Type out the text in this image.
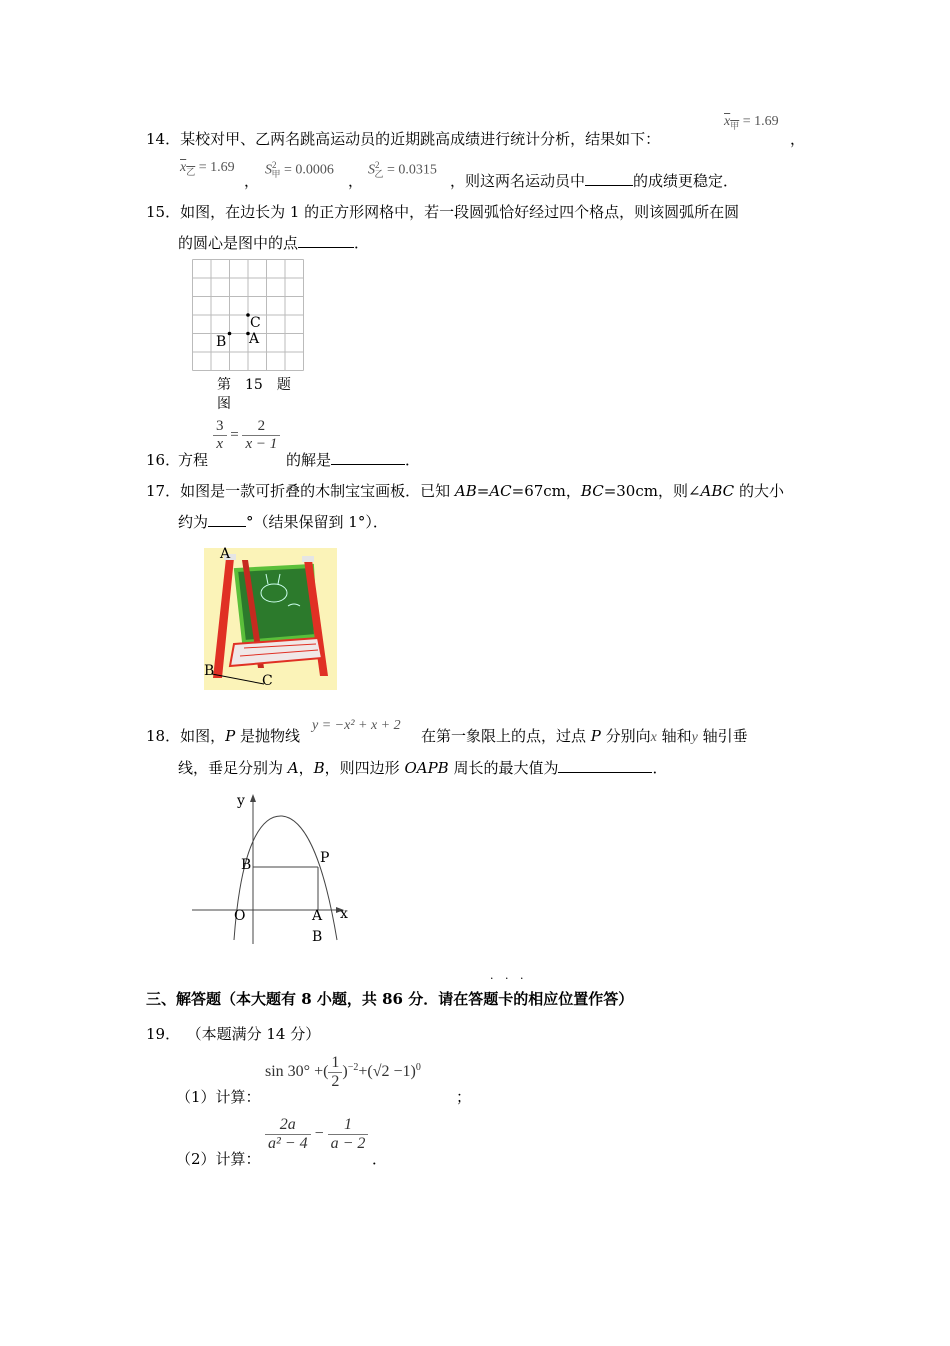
14．某校对甲、乙两名跳高运动员的近期跳高成绩进行统计分析，结果如下：
$x_甲 = 1.69$
，
$x_乙 = 1.69$
，
$S^2_甲 = 0.0006$
，
$S^2_乙 = 0.0315$
，则这两名运动员中	的成绩更稳定．
15．如图，在边长为 1 的正方形网格中，若一段圆弧恰好经过四个格点，则该圆弧所在圆
的圆心是图中的点	．
C
B A
第　15　题
图
16．
方程
$\frac{3}{x} = \frac{2}{x - 1}$
的解是	．
17．如图是一款可折叠的木制宝宝画板．已知 AB=AC=67cm，BC=30cm，则∠ABC 的大小
约为	°（结果保留到 1°）．
A
B
C
18．如图，P 是抛物线
y = −x² + x + 2
在第一象限上的点，过点 P 分别向x 轴和y 轴引垂
线，垂足分别为 A，B，则四边形 OAPB 周长的最大值为	．
y
x
B	P
O	A
B
· · ·
三、解答题（本大题有 8 小题，共 86 分．请在答题卡的相应位置作答）
19． （本题满分 14 分）
（1）计算：
sin 30° +( $\frac{1}{2} )^{-2}+(√2 -1)^0$
；
（2）计算：
$\frac{2a}{\text{a² − 4}} - \frac{1}{a - 2}$
．
